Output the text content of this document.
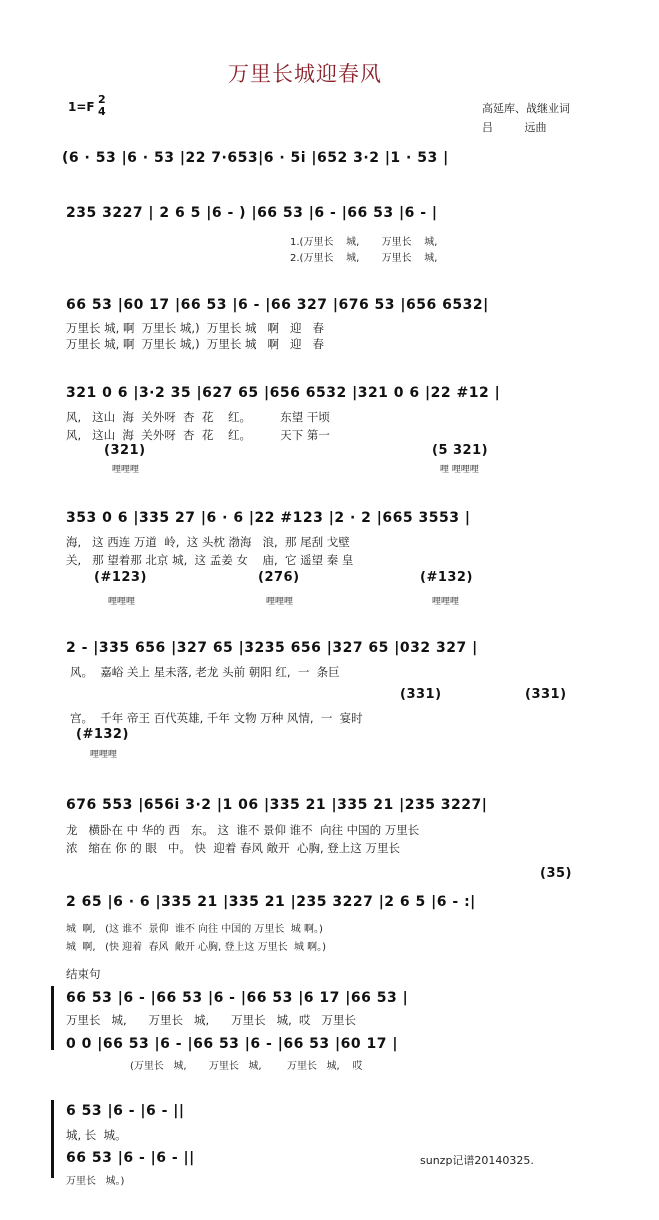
万里长城迎春风
1=F
2
4	高延库、战继业词
吕         远曲
(6 · 53 |6 · 53 |22 7·653|6 · 5i |652 3·2 |1 · 53 |
235 3227 | 2 6 5 |6 - ) |66 53 |6 - |66 53 |6 - |
1.(万里长    城,       万里长    城,
2.(万里长    城,       万里长    城,
66 53 |60 17 |66 53 |6 - |66 327 |676 53 |656 6532|
万里长 城, 啊  万里长 城,)  万里长 城   啊   迎   春
万里长 城, 啊  万里长 城,)  万里长 城   啊   迎   春
321 0 6 |3·2 35 |627 65 |656 6532 |321 0 6 |22 #12 |
风,   这山  海  关外呀  杏  花    红。        东望 干顷
风,   这山  海  关外呀  杏  花    红。        天下 第一
(321)	(5 321)
哩哩哩	哩 哩哩哩
353 0 6 |335 27 |6 · 6 |22 #123 |2 · 2 |665 3553 |
海,   这 西连 万道  岭,  这 头枕 渤海   浪,  那 尾刮 戈壁
关,   那 望着那 北京 城,  这 孟姜 女    庙,  它 遥望 秦 皇
(#123)	(276)	(#132)
哩哩哩	哩哩哩	哩哩哩
2 - |335 656 |327 65 |3235 656 |327 65 |032 327 |
风。  嘉峪 关上 星未落, 老龙 头前 朝阳 红,  一  条巨
(331)	(331)
宫。  千年 帝王 百代英雄, 千年 文物 万种 风情,  一  宴时
(#132)
哩哩哩
676 553 |656i 3·2 |1 06 |335 21 |335 21 |235 3227|
龙   横卧在 中 华的 西   东。 这  谁不 景仰 谁不  向往 中国的 万里长
浓   缩在 你 的 眼   中。 快  迎着 春风 敞开  心胸, 登上这 万里长
(35)
2 65 |6 · 6 |335 21 |335 21 |235 3227 |2 6 5 |6 - :|
城  啊,   (这 谁不  景仰  谁不 向往 中国的 万里长  城 啊。)
城  啊,   (快 迎着  春风  敞开 心胸, 登上这 万里长  城 啊。)
结束句
66 53 |6 - |66 53 |6 - |66 53 |6 17 |66 53 |
万里长   城,      万里长   城,      万里长   城,  哎   万里长
0 0 |66 53 |6 - |66 53 |6 - |66 53 |60 17 |
(万里长   城,       万里长   城,        万里长   城,    哎
6 53 |6 - |6 - ||
城, 长  城。
66 53 |6 - |6 - ||
万里长   城。)
sunzp记谱20140325.
